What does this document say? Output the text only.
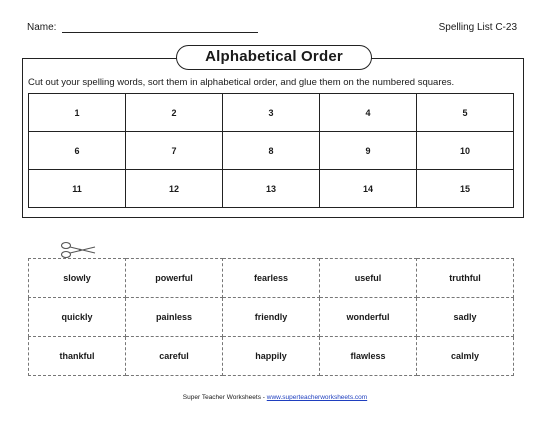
Name:	Spelling List C-23
Alphabetical Order
Cut out your spelling words, sort them in alphabetical order, and glue them on the numbered squares.
1	2	3	4	5
6	7	8	9	10
11	12	13	14	15
slowly	powerful	fearless	useful	truthful
quickly	painless	friendly	wonderful	sadly
thankful	careful	happily	flawless	calmly
Super Teacher Worksheets - www.superteacherworksheets.com
